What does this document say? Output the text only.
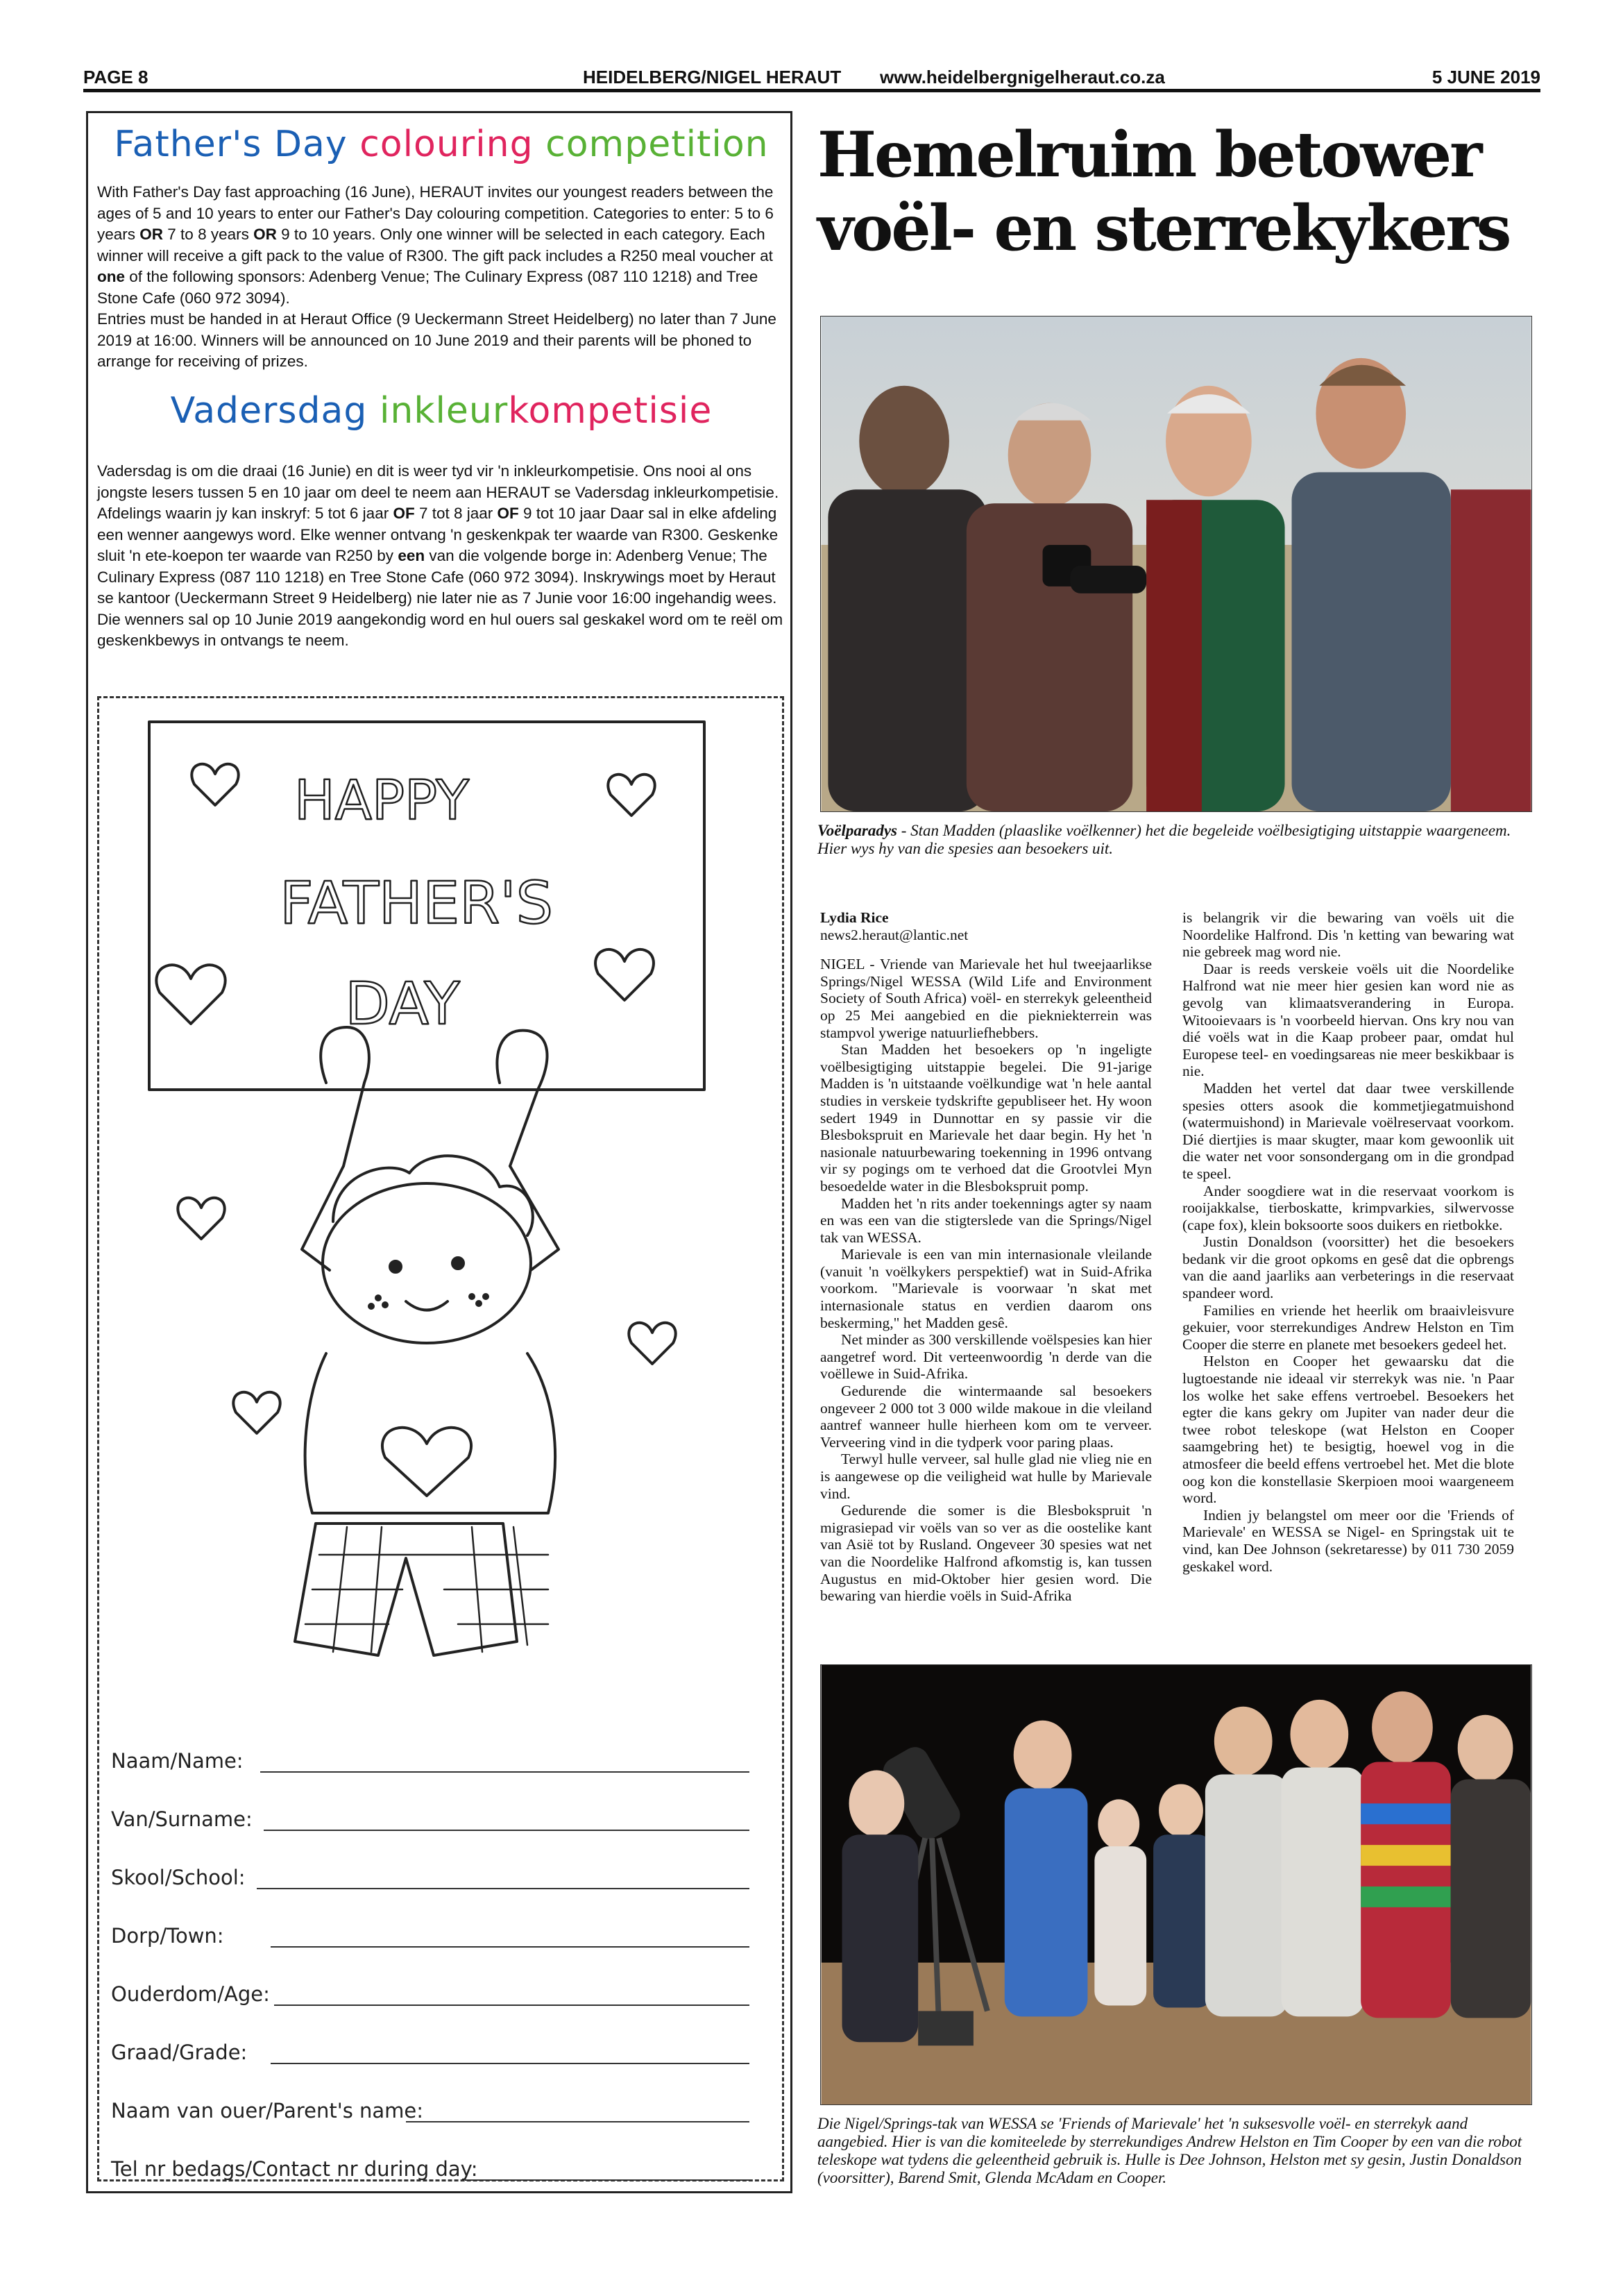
PAGE 8	HEIDELBERG/NIGEL HERAUT www.heidelbergnigelheraut.co.za	5 JUNE 2019
Father's Day colouring competition

With Father's Day fast approaching (16 June), HERAUT invites our youngest readers between the ages of 5 and 10 years to enter our Father's Day colouring competition. Categories to enter: 5 to 6 years OR 7 to 8 years OR 9 to 10 years. Only one winner will be selected in each category. Each winner will receive a gift pack to the value of R300. The gift pack includes a R250 meal voucher at one of the following sponsors: Adenberg Venue; The Culinary Express (087 110 1218) and Tree Stone Cafe (060 972 3094).

Entries must be handed in at Heraut Office (9 Ueckermann Street Heidelberg) no later than 7 June 2019 at 16:00. Winners will be announced on 10 June 2019 and their parents will be phoned to arrange for receiving of prizes.

Vadersdag inkleurkompetisie

Vadersdag is om die draai (16 Junie) en dit is weer tyd vir 'n inkleurkompetisie. Ons nooi al ons jongste lesers tussen 5 en 10 jaar om deel te neem aan HERAUT se Vadersdag inkleurkompetisie. Afdelings waarin jy kan inskryf: 5 tot 6 jaar OF 7 tot 8 jaar OF 9 tot 10 jaar Daar sal in elke afdeling een wenner aangewys word. Elke wenner ontvang 'n geskenkpak ter waarde van R300. Geskenke sluit 'n ete-koepon ter waarde van R250 by een van die volgende borge in: Adenberg Venue; The Culinary Express (087 110 1218) en Tree Stone Cafe (060 972 3094). Inskrywings moet by Heraut se kantoor (Ueckermann Street 9 Heidelberg) nie later nie as 7 Junie voor 16:00 ingehandig wees.

Die wenners sal op 10 Junie 2019 aangekondig word en hul ouers sal geskakel word om te reël om geskenkbewys in ontvangs te neem.

HAPPY
FATHER'S
DAY
Naam/Name:
Van/Surname:
Skool/School:
Dorp/Town:
Ouderdom/Age:
Graad/Grade:
Naam van ouer/Parent's name:
Tel nr bedags/Contact nr during day:
Hemelruim betower
voël- en sterrekykers
Voëlparadys - Stan Madden (plaaslike voëlkenner) het die begeleide voëlbesigtiging uitstappie waargeneem. Hier wys hy van die spesies aan besoekers uit.

Lydia Rice

news2.heraut@lantic.net

NIGEL - Vriende van Marievale het hul tweejaarlikse Springs/Nigel WESSA (Wild Life and Environment Society of South Africa) voël- en sterrekyk geleentheid op 25 Mei aangebied en die piekniekterrein was stampvol ywerige natuurliefhebbers.

Stan Madden het besoekers op 'n ingeligte voëlbesigtiging uitstappie begelei. Die 91-jarige Madden is 'n uitstaande voëlkundige wat 'n hele aantal studies in verskeie tydskrifte gepubliseer het. Hy woon sedert 1949 in Dunnottar en sy passie vir die Blesbokspruit en Marievale het daar begin. Hy het 'n nasionale natuurbewaring toekenning in 1996 ontvang vir sy pogings om te verhoed dat die Grootvlei Myn besoedelde water in die Blesbokspruit pomp.

Madden het 'n rits ander toekennings agter sy naam en was een van die stigterslede van die Springs/Nigel tak van WESSA.

Marievale is een van min internasionale vleilande (vanuit 'n voëlkykers perspektief) wat in Suid-Afrika voorkom. "Marievale is voorwaar 'n skat met internasionale status en verdien daarom ons beskerming," het Madden gesê.

Net minder as 300 verskillende voëlspesies kan hier aangetref word. Dit verteenwoordig 'n derde van die voëllewe in Suid-Afrika.

Gedurende die wintermaande sal besoekers ongeveer 2 000 tot 3 000 wilde makoue in die vleiland aantref wanneer hulle hierheen kom om te verveer. Verveering vind in die tydperk voor paring plaas.

Terwyl hulle verveer, sal hulle glad nie vlieg nie en is aangewese op die veiligheid wat hulle by Marievale vind.

Gedurende die somer is die Blesbokspruit 'n migrasiepad vir voëls van so ver as die oostelike kant van Asië tot by Rusland. Ongeveer 30 spesies wat net van die Noordelike Halfrond afkomstig is, kan tussen Augustus en mid-Oktober hier gesien word. Die bewaring van hierdie voëls in Suid-Afrika

is belangrik vir die bewaring van voëls uit die Noordelike Halfrond. Dis 'n ketting van bewaring wat nie gebreek mag word nie.

Daar is reeds verskeie voëls uit die Noordelike Halfrond wat nie meer hier gesien kan word nie as gevolg van klimaatsverandering in Europa. Witooievaars is 'n voorbeeld hiervan. Ons kry nou van dié voëls wat in die Kaap probeer paar, omdat hul Europese teel- en voedingsareas nie meer beskikbaar is nie.

Madden het vertel dat daar twee verskillende spesies otters asook die kommetjiegatmuishond (watermuishond) in Marievale voëlreservaat voorkom. Dié diertjies is maar skugter, maar kom gewoonlik uit die water net voor sonsondergang om in die grondpad te speel.

Ander soogdiere wat in die reservaat voorkom is rooijakkalse, tierboskatte, krimpvarkies, silwervosse (cape fox), klein boksoorte soos duikers en rietbokke.

Justin Donaldson (voorsitter) het die besoekers bedank vir die groot opkoms en gesê dat die opbrengs van die aand jaarliks aan verbeterings in die reservaat spandeer word.

Families en vriende het heerlik om braaivleisvure gekuier, voor sterrekundiges Andrew Helston en Tim Cooper die sterre en planete met besoekers gedeel het.

Helston en Cooper het gewaarsku dat die lugtoestande nie ideaal vir sterrekyk was nie. 'n Paar los wolke het sake effens vertroebel. Besoekers het egter die kans gekry om Jupiter van nader deur die twee robot teleskope (wat Helston en Cooper saamgebring het) te besigtig, hoewel vog in die atmosfeer die beeld effens vertroebel het. Met die blote oog kon die konstellasie Skerpioen mooi waargeneem word.

Indien jy belangstel om meer oor die 'Friends of Marievale' en WESSA se Nigel- en Springstak uit te vind, kan Dee Johnson (sekretaresse) by 011 730 2059 geskakel word.

Die Nigel/Springs-tak van WESSA se 'Friends of Marievale' het 'n suksesvolle voël- en sterrekyk aand aangebied. Hier is van die komiteelede by sterrekundiges Andrew Helston en Tim Cooper by een van die robot teleskope wat tydens die geleentheid gebruik is. Hulle is Dee Johnson, Helston met sy gesin, Justin Donaldson (voorsitter), Barend Smit, Glenda McAdam en Cooper.
